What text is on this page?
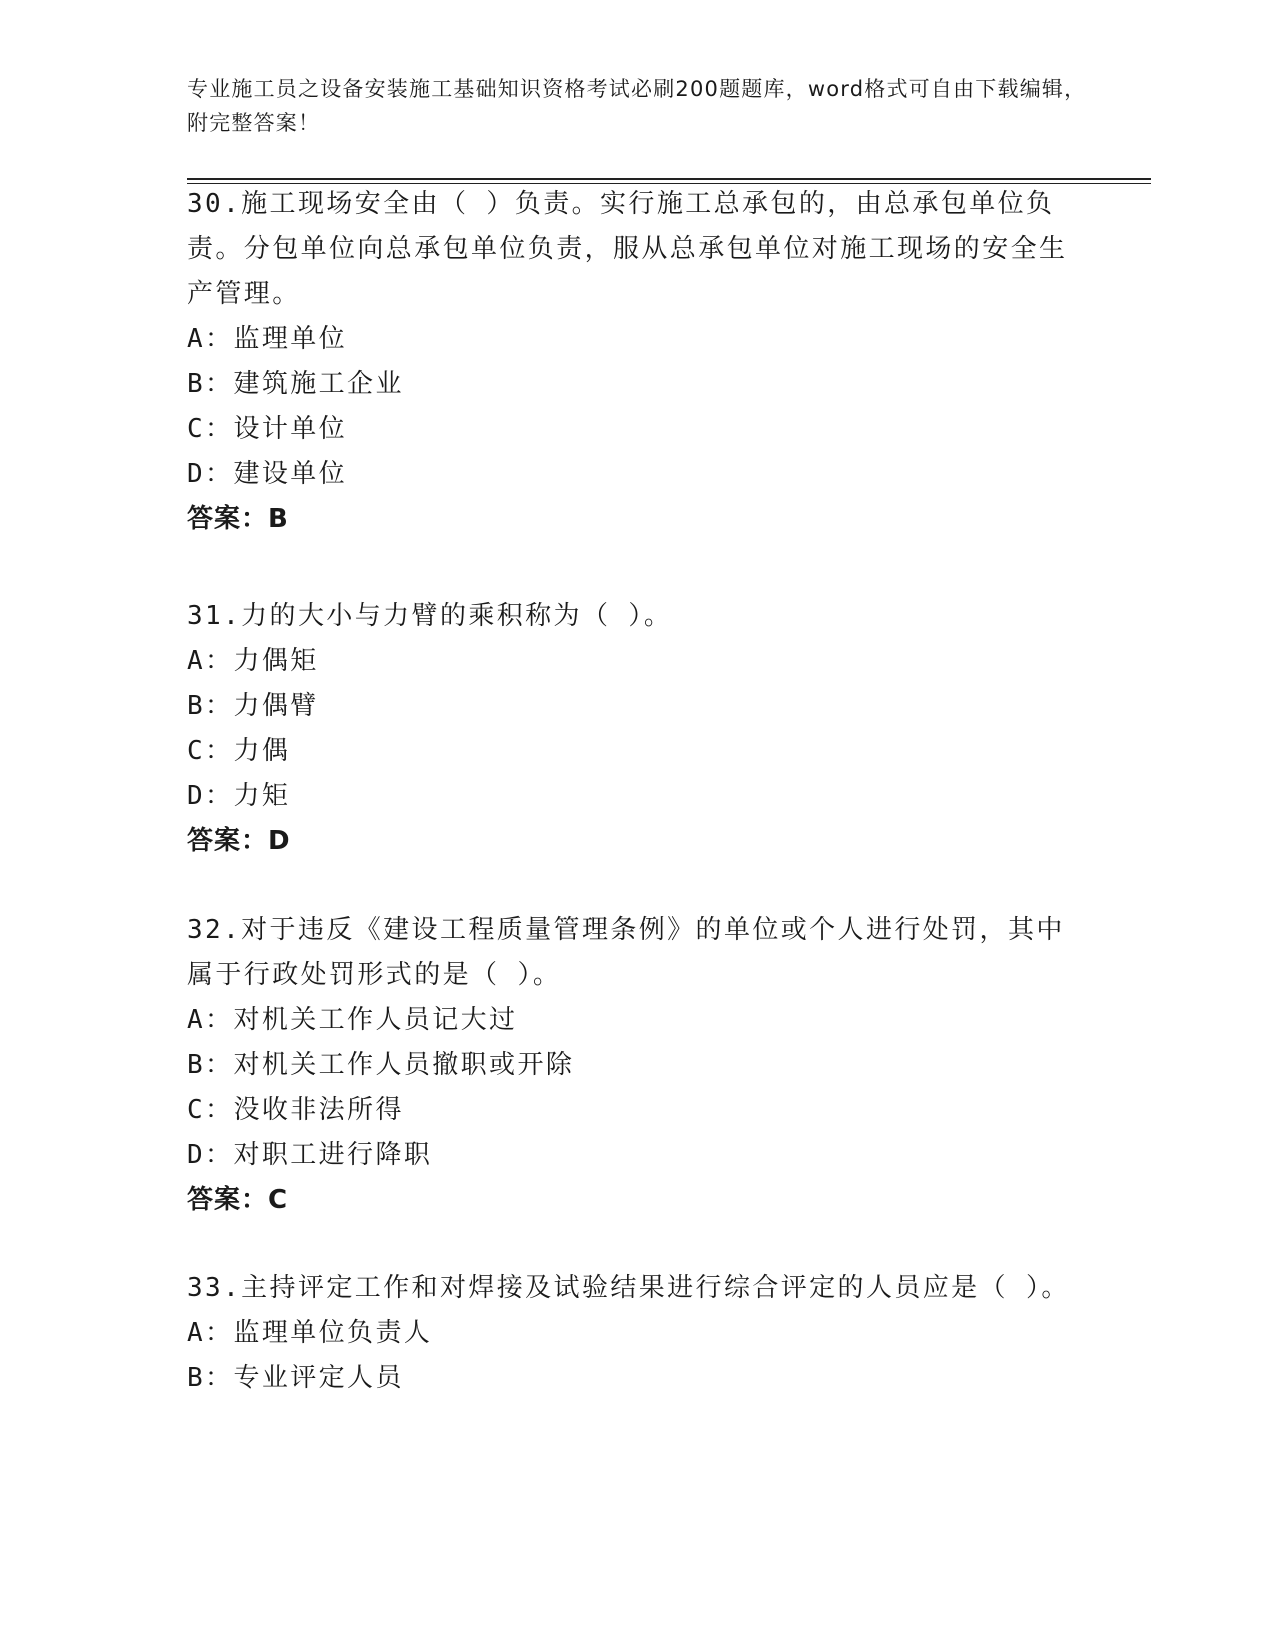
专业施工员之设备安装施工基础知识资格考试必刷200题题库，word格式可自由下载编辑，附完整答案！
30.施工现场安全由（ ）负责。实行施工总承包的，由总承包单位负责。分包单位向总承包单位负责，服从总承包单位对施工现场的安全生产管理。
A：监理单位
B：建筑施工企业
C：设计单位
D：建设单位
答案：B
31.力的大小与力臂的乘积称为（ ）。
A：力偶矩
B：力偶臂
C：力偶
D：力矩
答案：D
32.对于违反《建设工程质量管理条例》的单位或个人进行处罚，其中属于行政处罚形式的是（ ）。
A：对机关工作人员记大过
B：对机关工作人员撤职或开除
C：没收非法所得
D：对职工进行降职
答案：C
33.主持评定工作和对焊接及试验结果进行综合评定的人员应是（ ）。
A：监理单位负责人
B：专业评定人员
